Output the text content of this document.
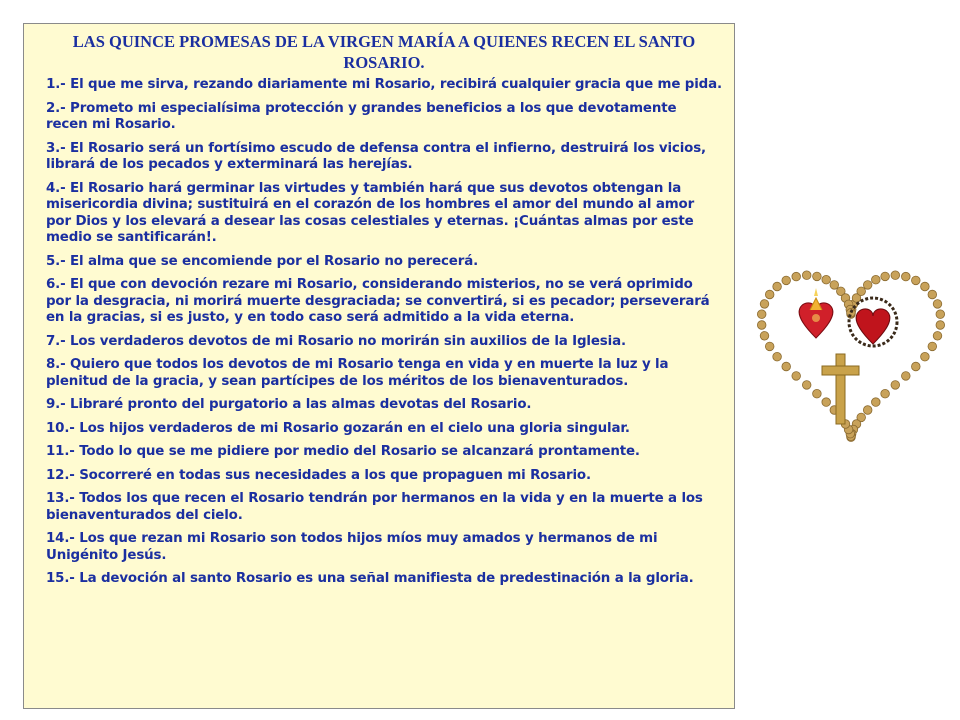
LAS QUINCE PROMESAS DE LA VIRGEN MARÍA A QUIENES RECEN EL SANTO ROSARIO.

1.- El que me sirva, rezando diariamente mi Rosario, recibirá cualquier gracia que me pida.

2.- Prometo mi especialísima protección y grandes beneficios a los que devotamente recen mi Rosario.

3.- El Rosario será un fortísimo escudo de defensa contra el infierno, destruirá los vicios, librará de los pecados y exterminará las herejías.

4.- El Rosario hará germinar las virtudes y también hará que sus devotos obtengan la misericordia divina; sustituirá en el corazón de los hombres el amor del mundo al amor por Dios y los elevará a desear las cosas celestiales y eternas. ¡Cuántas almas por este medio se santificarán!.

5.- El alma que se encomiende por el Rosario no perecerá.

6.- El que con devoción rezare mi Rosario, considerando misterios, no se verá oprimido por la desgracia, ni morirá muerte desgraciada; se convertirá, si es pecador; perseverará en la gracias, si es justo, y en todo caso será admitido a la vida eterna.

7.- Los verdaderos devotos de mi Rosario no morirán sin auxilios de la Iglesia.

8.- Quiero que todos los devotos de mi Rosario tenga en vida y en muerte la luz y la plenitud de la gracia, y sean partícipes de los méritos de los bienaventurados.

9.- Libraré pronto del purgatorio a las almas devotas del Rosario.

10.- Los hijos verdaderos de mi Rosario gozarán en el cielo una gloria singular.

11.- Todo lo que se me pidiere por medio del Rosario se alcanzará prontamente.

12.- Socorreré en todas sus necesidades a los que propaguen mi Rosario.

13.- Todos los que recen el Rosario tendrán por hermanos en la vida y en la muerte a los bienaventurados del cielo.

14.- Los que rezan mi Rosario son todos hijos míos muy amados y hermanos de mi Unigénito Jesús.

15.- La devoción al santo Rosario es una señal manifiesta de predestinación a la gloria.
